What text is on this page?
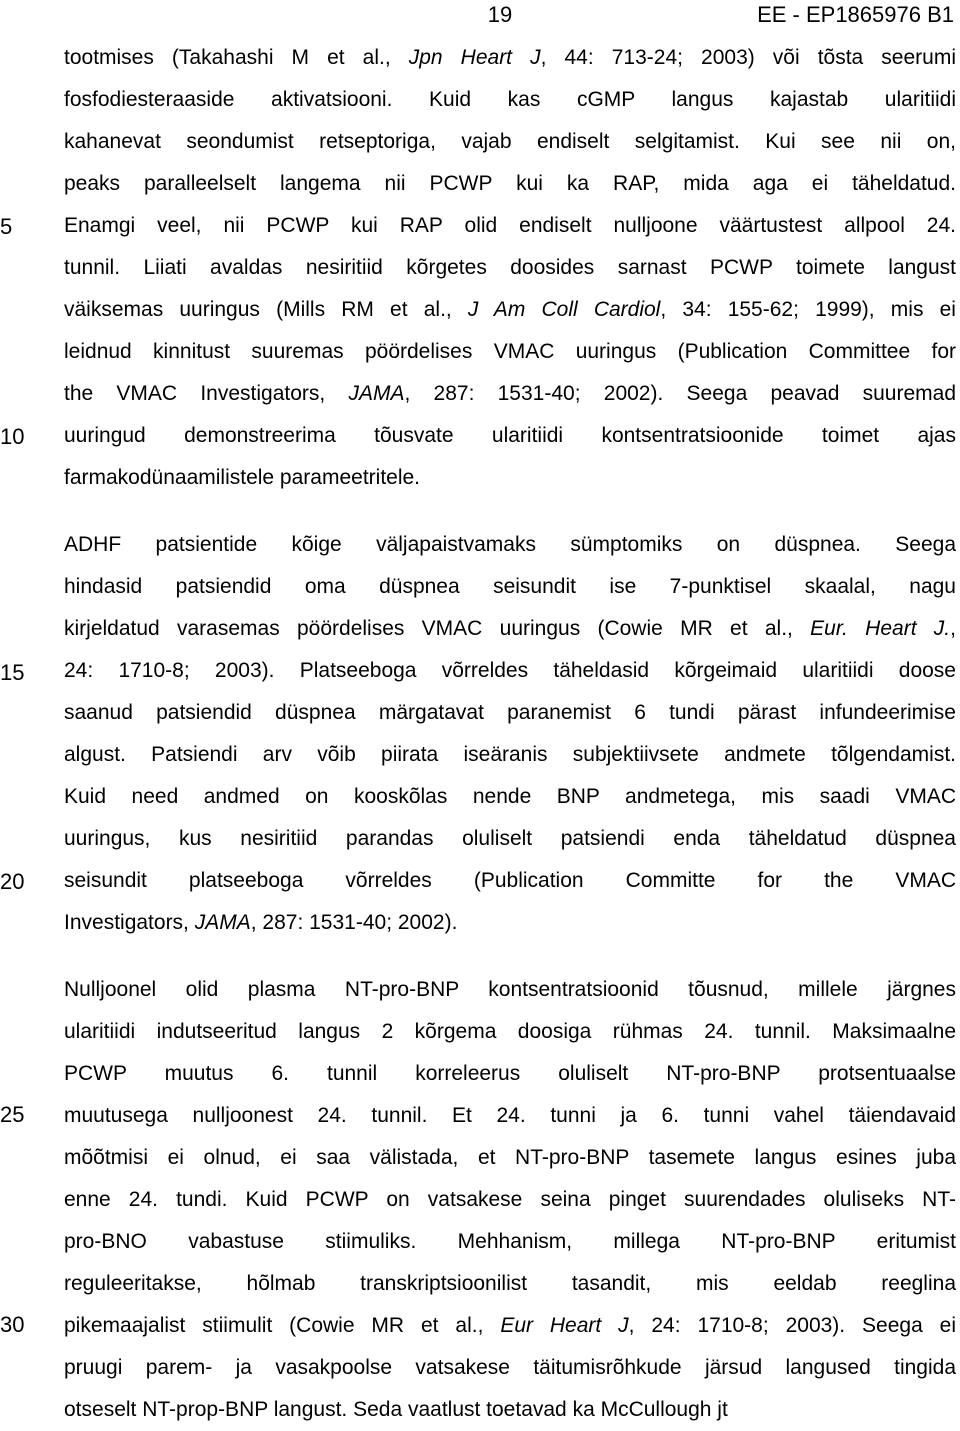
19	EE - EP1865976 B1
5
10
15
20
25
30
tootmises (Takahashi M et al., Jpn Heart J, 44: 713-24; 2003) või tõsta seerumi
fosfodiesteraaside aktivatsiooni. Kuid kas cGMP langus kajastab ularitiidi
kahanevat seondumist retseptoriga, vajab endiselt selgitamist. Kui see nii on,
peaks paralleelselt langema nii PCWP kui ka RAP, mida aga ei täheldatud.
Enamgi veel, nii PCWP kui RAP olid endiselt nulljoone väärtustest allpool 24.
tunnil. Liiati avaldas nesiritiid kõrgetes doosides sarnast PCWP toimete langust
väiksemas uuringus (Mills RM et al., J Am Coll Cardiol, 34: 155-62; 1999), mis ei
leidnud kinnitust suuremas pöördelises VMAC uuringus (Publication Committee for
the VMAC Investigators, JAMA, 287: 1531-40; 2002). Seega peavad suuremad
uuringud demonstreerima tõusvate ularitiidi kontsentratsioonide toimet ajas
farmakodünaamilistele parameetritele.
ADHF patsientide kõige väljapaistvamaks sümptomiks on düspnea. Seega
hindasid patsiendid oma düspnea seisundit ise 7-punktisel skaalal, nagu
kirjeldatud varasemas pöördelises VMAC uuringus (Cowie MR et al., Eur. Heart J.,
24: 1710-8; 2003). Platseeboga võrreldes täheldasid kõrgeimaid ularitiidi doose
saanud patsiendid düspnea märgatavat paranemist 6 tundi pärast infundeerimise
algust. Patsiendi arv võib piirata iseäranis subjektiivsete andmete tõlgendamist.
Kuid need andmed on kooskõlas nende BNP andmetega, mis saadi VMAC
uuringus, kus nesiritiid parandas oluliselt patsiendi enda täheldatud düspnea
seisundit platseeboga võrreldes (Publication Committe for the VMAC
Investigators, JAMA, 287: 1531-40; 2002).
Nulljoonel olid plasma NT-pro-BNP kontsentratsioonid tõusnud, millele järgnes
ularitiidi indutseeritud langus 2 kõrgema doosiga rühmas 24. tunnil. Maksimaalne
PCWP muutus 6. tunnil korreleerus oluliselt NT-pro-BNP protsentuaalse
muutusega nulljoonest 24. tunnil. Et 24. tunni ja 6. tunni vahel täiendavaid
mõõtmisi ei olnud, ei saa välistada, et NT-pro-BNP tasemete langus esines juba
enne 24. tundi. Kuid PCWP on vatsakese seina pinget suurendades oluliseks NT-
pro-BNO vabastuse stiimuliks. Mehhanism, millega NT-pro-BNP eritumist
reguleeritakse, hõlmab transkriptsioonilist tasandit, mis eeldab reeglina
pikemaajalist stiimulit (Cowie MR et al., Eur Heart J, 24: 1710-8; 2003). Seega ei
pruugi parem- ja vasakpoolse vatsakese täitumisrõhkude järsud langused tingida
otseselt NT-prop-BNP langust. Seda vaatlust toetavad ka McCullough jt
